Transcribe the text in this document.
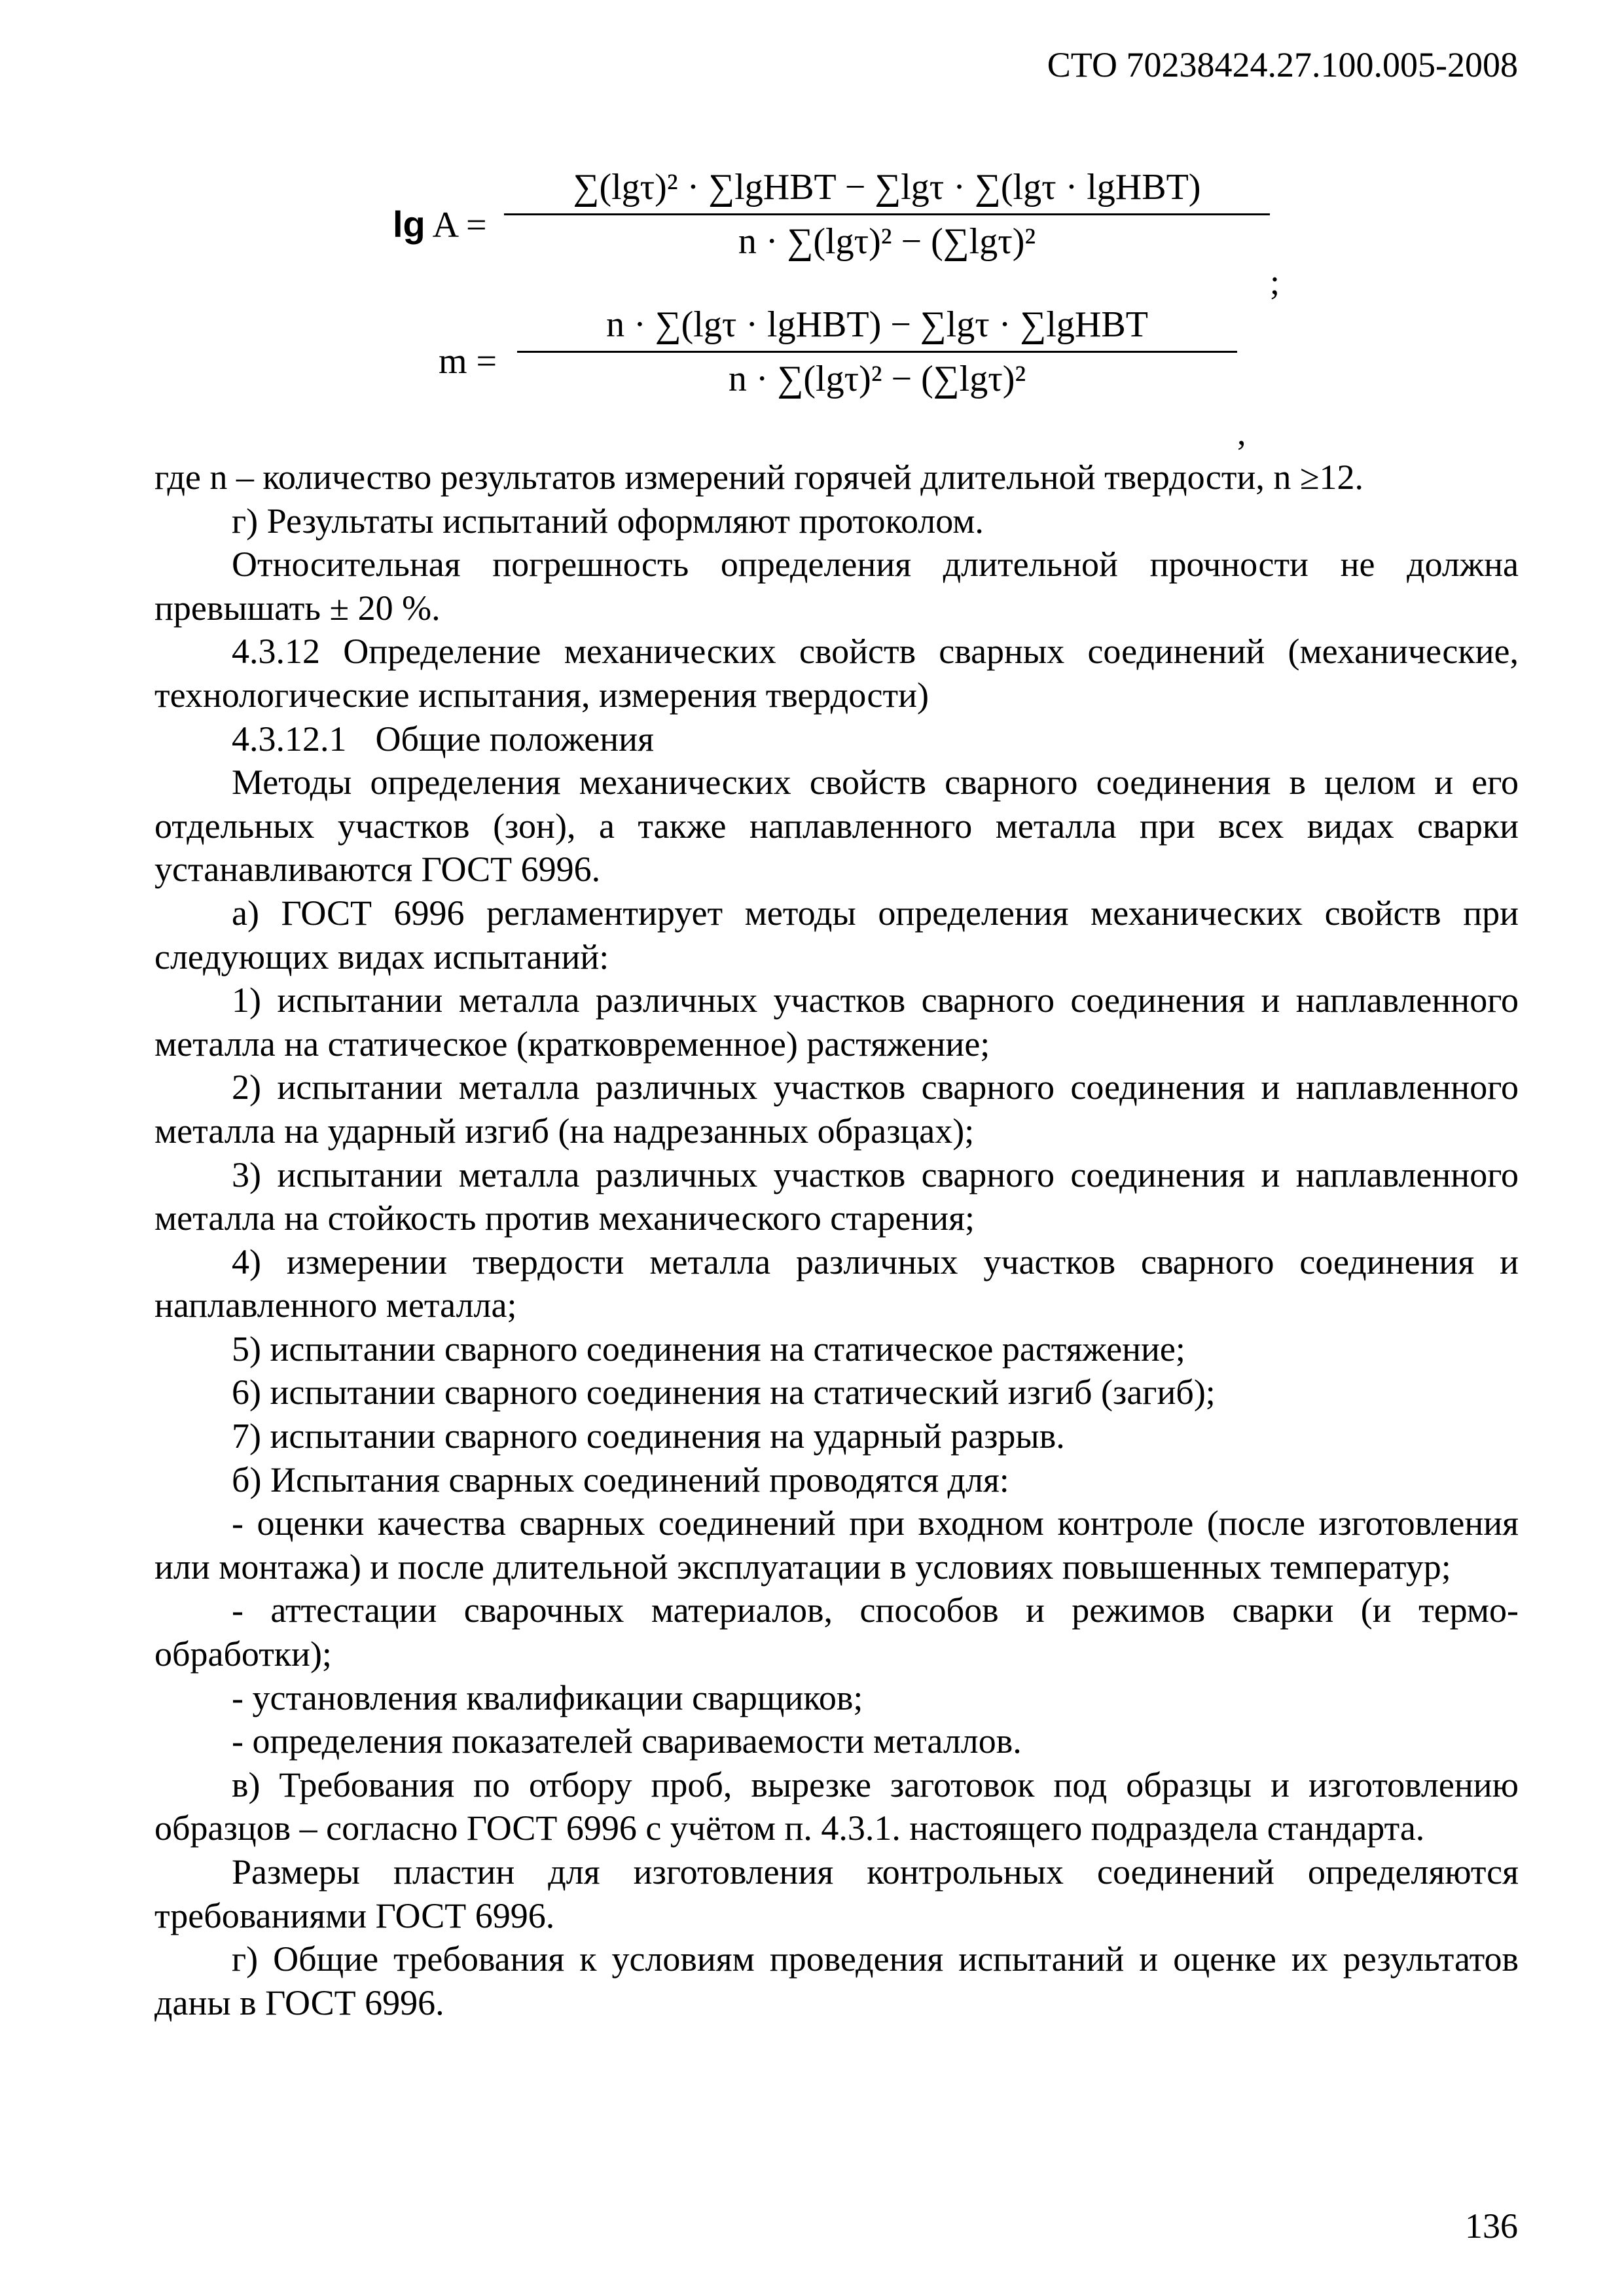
СТО 70238424.27.100.005-2008
lg A =
∑(lgτ)² · ∑lgHBT − ∑lgτ · ∑(lgτ · lgHBT)
n · ∑(lgτ)² − (∑lgτ)²
;
m =
n · ∑(lgτ · lgHBT) − ∑lgτ · ∑lgHBT
n · ∑(lgτ)² − (∑lgτ)²
,

где n – количество результатов измерений горячей длительной твердости, n ≥12.

г) Результаты испытаний оформляют протоколом.

Относительная погрешность определения длительной прочности не должна превышать ± 20 %.

4.3.12 Определение механических свойств сварных соединений (механические, технологические испытания, измерения твердости)

4.3.12.1 Общие положения

Методы определения механических свойств сварного соединения в целом и его отдельных участков (зон), а также наплавленного металла при всех видах сварки устанавливаются ГОСТ 6996.

а) ГОСТ 6996 регламентирует методы определения механических свойств при следующих видах испытаний:

1) испытании металла различных участков сварного соединения и наплавленного металла на статическое (кратковременное) растяжение;

2) испытании металла различных участков сварного соединения и наплавленного металла на ударный изгиб (на надрезанных образцах);

3) испытании металла различных участков сварного соединения и наплавленного металла на стойкость против механического старения;

4) измерении твердости металла различных участков сварного соединения и наплавленного металла;

5) испытании сварного соединения на статическое растяжение;

6) испытании сварного соединения на статический изгиб (загиб);

7) испытании сварного соединения на ударный разрыв.

б) Испытания сварных соединений проводятся для:

- оценки качества сварных соединений при входном контроле (после изготовления или монтажа) и после длительной эксплуатации в условиях повышенных температур;

- аттестации сварочных материалов, способов и режимов сварки (и термообработки);

- установления квалификации сварщиков;

- определения показателей свариваемости металлов.

в) Требования по отбору проб, вырезке заготовок под образцы и изготовлению образцов – согласно ГОСТ 6996 с учётом п. 4.3.1. настоящего подраздела стандарта.

Размеры пластин для изготовления контрольных соединений определяются требованиями ГОСТ 6996.

г) Общие требования к условиям проведения испытаний и оценке их результатов даны в ГОСТ 6996.

136
